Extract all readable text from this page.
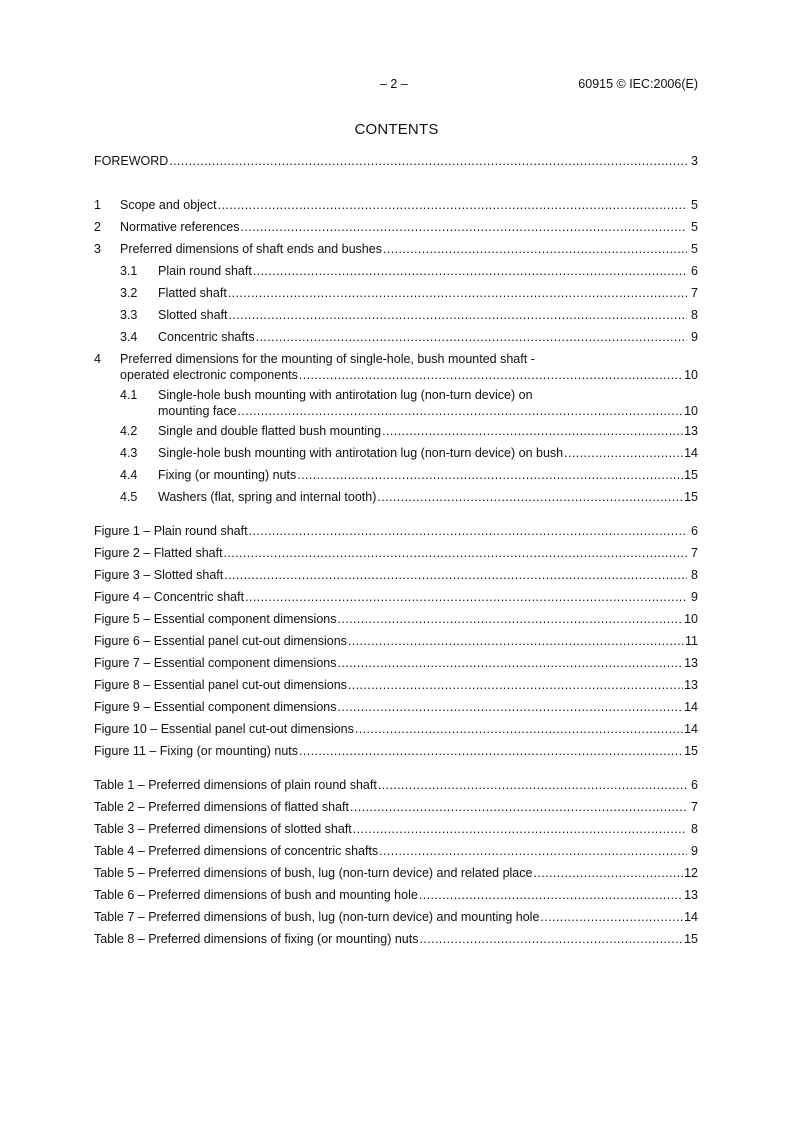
– 2 –	60915 © IEC:2006(E)
CONTENTS
FOREWORD .....	3
1	Scope and object .....	5
2	Normative references .....	5
3	Preferred dimensions of shaft ends and bushes .....	5
3.1	Plain round shaft .....	6
3.2	Flatted shaft .....	7
3.3	Slotted shaft .....	8
3.4	Concentric shafts .....	9
4	Preferred dimensions for the mounting of single-hole, bush mounted shaft -
operated electronic components .....	10
4.1	Single-hole bush mounting with antirotation lug (non-turn device) on
mounting face .....	10
4.2	Single and double flatted bush mounting .....	13
4.3	Single-hole bush mounting with antirotation lug (non-turn device) on bush .....	14
4.4	Fixing (or mounting) nuts .....	15
4.5	Washers (flat, spring and internal tooth) .....	15
Figure 1 – Plain round shaft .....	6
Figure 2 – Flatted shaft .....	7
Figure 3 – Slotted shaft .....	8
Figure 4 – Concentric shaft .....	9
Figure 5 – Essential component dimensions .....	10
Figure 6 – Essential panel cut-out dimensions .....	11
Figure 7 – Essential component dimensions .....	13
Figure 8 – Essential panel cut-out dimensions .....	13
Figure 9 – Essential component dimensions .....	14
Figure 10 – Essential panel cut-out dimensions .....	14
Figure 11 – Fixing (or mounting) nuts .....	15
Table 1 – Preferred dimensions of plain round shaft .....	6
Table 2 – Preferred dimensions of flatted shaft .....	7
Table 3 – Preferred dimensions of slotted shaft .....	8
Table 4 – Preferred dimensions of concentric shafts .....	9
Table 5 – Preferred dimensions of bush, lug (non-turn device) and related place .....	12
Table 6 – Preferred dimensions of bush and mounting hole .....	13
Table 7 – Preferred dimensions of bush, lug (non-turn device) and mounting hole .....	14
Table 8 – Preferred dimensions of fixing (or mounting) nuts .....	15
